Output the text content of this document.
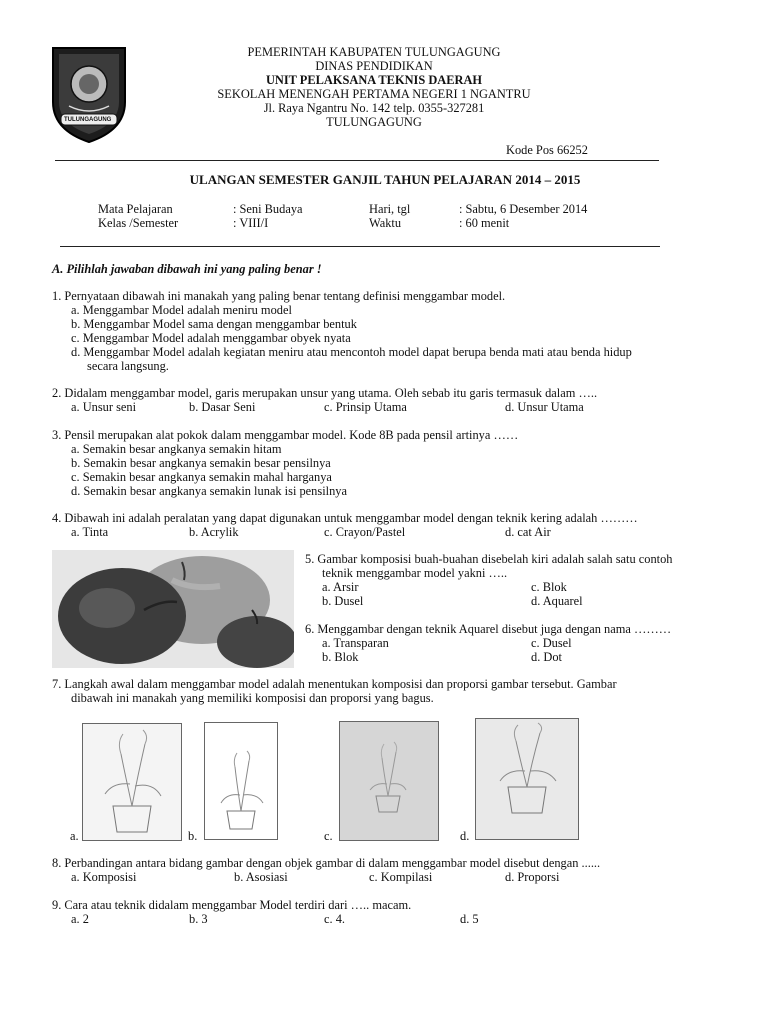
TULUNGAGUNG
PEMERINTAH KABUPATEN TULUNGAGUNG
DINAS PENDIDIKAN
UNIT PELAKSANA TEKNIS DAERAH
SEKOLAH MENENGAH PERTAMA NEGERI 1 NGANTRU
Jl. Raya Ngantru No. 142 telp. 0355-327281
TULUNGAGUNG
Kode Pos 66252
ULANGAN SEMESTER GANJIL TAHUN PELAJARAN 2014 – 2015
Mata Pelajaran	: Seni Budaya	Hari, tgl	: Sabtu, 6 Desember 2014
Kelas /Semester	: VIII/I	Waktu	: 60 menit
A. Pilihlah jawaban dibawah ini yang paling benar !
1. Pernyataan dibawah ini manakah yang paling benar tentang definisi menggambar model.
a. Menggambar Model adalah meniru model
b. Menggambar Model sama dengan menggambar bentuk
c. Menggambar Model adalah menggambar obyek nyata
d. Menggambar Model adalah kegiatan meniru atau mencontoh model dapat berupa benda mati atau benda hidup
secara langsung.
2. Didalam menggambar model, garis merupakan unsur yang utama. Oleh sebab itu garis termasuk dalam …..
a. Unsur seni	b. Dasar Seni	c. Prinsip Utama	d. Unsur Utama
3. Pensil merupakan alat pokok dalam menggambar model. Kode 8B pada pensil artinya ……
a. Semakin besar angkanya semakin hitam
b. Semakin besar angkanya semakin besar pensilnya
c. Semakin besar angkanya semakin mahal harganya
d. Semakin besar angkanya semakin lunak isi pensilnya
4. Dibawah ini adalah peralatan yang dapat digunakan untuk menggambar model dengan teknik kering adalah ………
a. Tinta	b. Acrylik	c. Crayon/Pastel	d. cat Air
5. Gambar komposisi buah-buahan disebelah kiri adalah salah satu contoh
teknik menggambar model yakni …..
a. Arsir	c. Blok
b. Dusel	d. Aquarel
6. Menggambar dengan teknik Aquarel disebut juga dengan nama ………
a. Transparan	c. Dusel
b. Blok	d. Dot
7. Langkah awal dalam menggambar model adalah menentukan komposisi dan proporsi gambar tersebut. Gambar
dibawah ini manakah yang memiliki komposisi dan proporsi yang bagus.
a.	b.	c.	d.
8. Perbandingan antara bidang gambar dengan objek gambar di dalam menggambar model disebut dengan ......
a. Komposisi	b. Asosiasi	c. Kompilasi	d. Proporsi
9. Cara atau teknik didalam menggambar Model terdiri dari ….. macam.
a. 2	b. 3	c. 4.	d. 5
